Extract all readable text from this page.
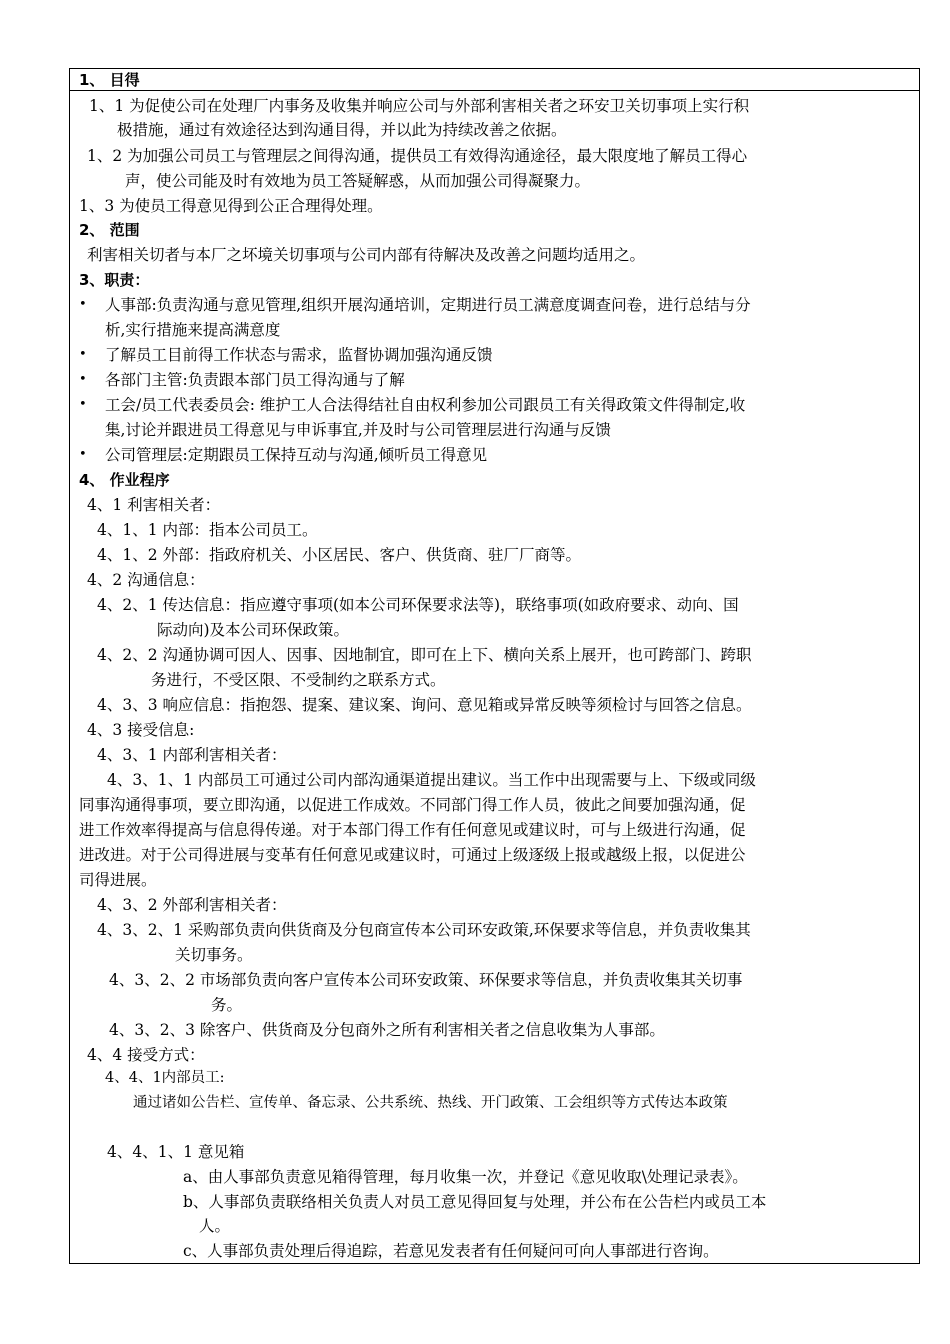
1、 目得
1、1 为促使公司在处理厂内事务及收集并响应公司与外部利害相关者之环安卫关切事项上实行积
极措施，通过有效途径达到沟通目得，并以此为持续改善之依据。
1、2 为加强公司员工与管理层之间得沟通，提供员工有效得沟通途径，最大限度地了解员工得心
声，使公司能及时有效地为员工答疑解惑，从而加强公司得凝聚力。
1、3 为使员工得意见得到公正合理得处理。
2、 范围
利害相关切者与本厂之坏境关切事项与公司内部有待解决及改善之问题均适用之。
3、职责：
• 人事部:负责沟通与意见管理,组织开展沟通培训，定期进行员工满意度调查问卷，进行总结与分
析,实行措施来提高满意度
• 了解员工目前得工作状态与需求，监督协调加强沟通反馈
• 各部门主管:负责跟本部门员工得沟通与了解
• 工会/员工代表委员会: 维护工人合法得结社自由权利参加公司跟员工有关得政策文件得制定,收
集,讨论并跟进员工得意见与申诉事宜,并及时与公司管理层进行沟通与反馈
• 公司管理层:定期跟员工保持互动与沟通,倾听员工得意见
4、 作业程序
4、1 利害相关者：
4、1、1 内部：指本公司员工。
4、1、2 外部：指政府机关、小区居民、客户、供货商、驻厂厂商等。
4、2 沟通信息：
4、2、1 传达信息：指应遵守事项(如本公司环保要求法等)，联络事项(如政府要求、动向、国
际动向)及本公司环保政策。
4、2、2 沟通协调可因人、因事、因地制宜，即可在上下、横向关系上展开，也可跨部门、跨职
务进行，不受区限、不受制约之联系方式。
4、3、3 响应信息：指抱怨、提案、建议案、询问、意见箱或异常反映等须检讨与回答之信息。
4、3 接受信息:
4、3、1 内部利害相关者：
4、3、1、1 内部员工可通过公司内部沟通渠道提出建议。当工作中出现需要与上、下级或同级
同事沟通得事项，要立即沟通，以促进工作成效。不同部门得工作人员，彼此之间要加强沟通，促
进工作效率得提高与信息得传递。对于本部门得工作有任何意见或建议时，可与上级进行沟通，促
进改进。对于公司得进展与变革有任何意见或建议时，可通过上级逐级上报或越级上报，以促进公
司得进展。
4、3、2 外部利害相关者：
4、3、2、1 采购部负责向供货商及分包商宣传本公司环安政策,环保要求等信息，并负责收集其
关切事务。
4、3、2、2 市场部负责向客户宣传本公司环安政策、环保要求等信息，并负责收集其关切事
务。
4、3、2、3 除客户、供货商及分包商外之所有利害相关者之信息收集为人事部。
4、4 接受方式：
4、4、1内部员工:
通过诸如公告栏、宣传单、备忘录、公共系统、热线、开门政策、工会组织等方式传达本政策
4、4、1、1 意见箱
a、由人事部负责意见箱得管理，每月收集一次，并登记《意见收取\处理记录表》。
b、人事部负责联络相关负责人对员工意见得回复与处理，并公布在公告栏内或员工本
人。
c、人事部负责处理后得追踪，若意见发表者有任何疑问可向人事部进行咨询。
